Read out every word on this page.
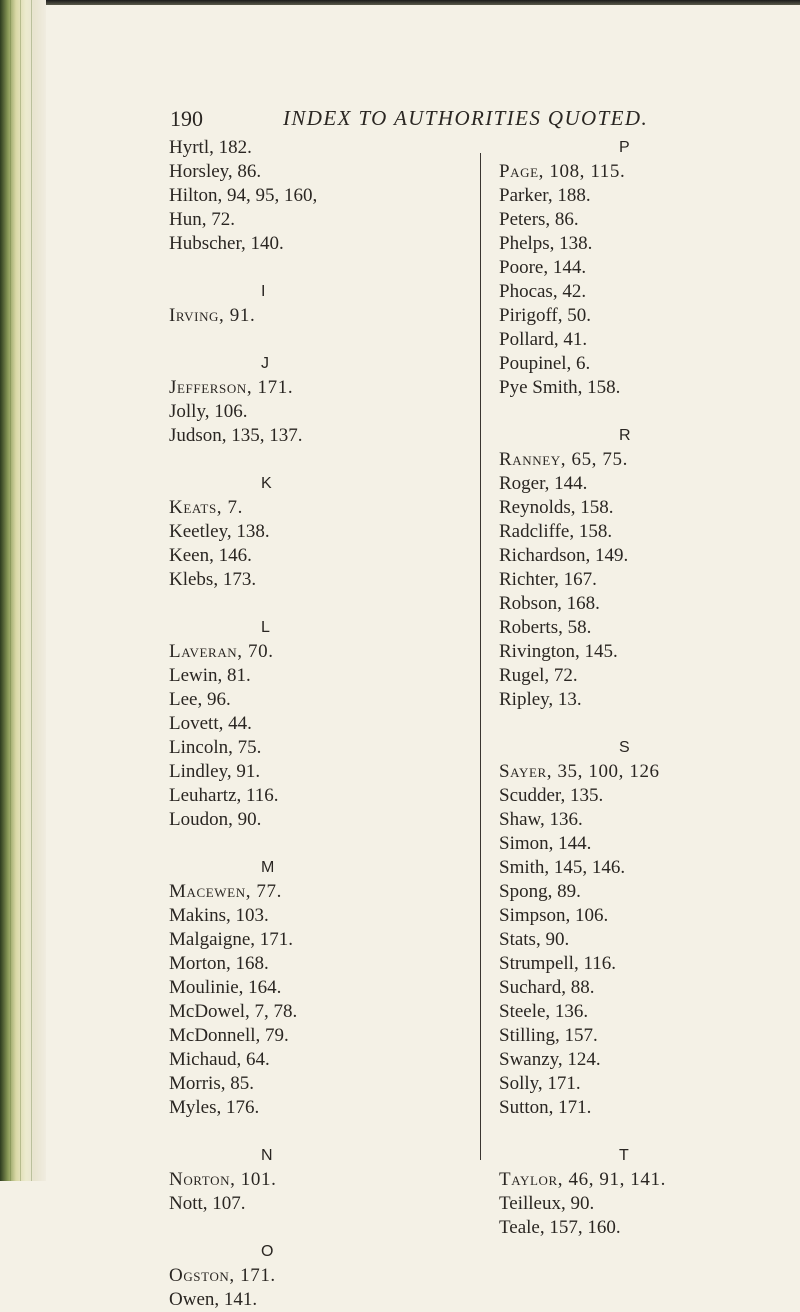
190	INDEX TO AUTHORITIES QUOTED.
Hyrtl, 182.
Horsley, 86.
Hilton, 94, 95, 160,
Hun, 72.
Hubscher, 140.
I
Irving, 91.
J
Jefferson, 171.
Jolly, 106.
Judson, 135, 137.
K
Keats, 7.
Keetley, 138.
Keen, 146.
Klebs, 173.
L
Laveran, 70.
Lewin, 81.
Lee, 96.
Lovett, 44.
Lincoln, 75.
Lindley, 91.
Leuhartz, 116.
Loudon, 90.
M
Macewen, 77.
Makins, 103.
Malgaigne, 171.
Morton, 168.
Moulinie, 164.
McDowel, 7, 78.
McDonnell, 79.
Michaud, 64.
Morris, 85.
Myles, 176.
N
Norton, 101.
Nott, 107.
O
Ogston, 171.
Owen, 141.
P
Page, 108, 115.
Parker, 188.
Peters, 86.
Phelps, 138.
Poore, 144.
Phocas, 42.
Pirigoff, 50.
Pollard, 41.
Poupinel, 6.
Pye Smith, 158.
R
Ranney, 65, 75.
Roger, 144.
Reynolds, 158.
Radcliffe, 158.
Richardson, 149.
Richter, 167.
Robson, 168.
Roberts, 58.
Rivington, 145.
Rugel, 72.
Ripley, 13.
S
Sayer, 35, 100, 126
Scudder, 135.
Shaw, 136.
Simon, 144.
Smith, 145, 146.
Spong, 89.
Simpson, 106.
Stats, 90.
Strumpell, 116.
Suchard, 88.
Steele, 136.
Stilling, 157.
Swanzy, 124.
Solly, 171.
Sutton, 171.
T
Taylor, 46, 91, 141.
Teilleux, 90.
Teale, 157, 160.
